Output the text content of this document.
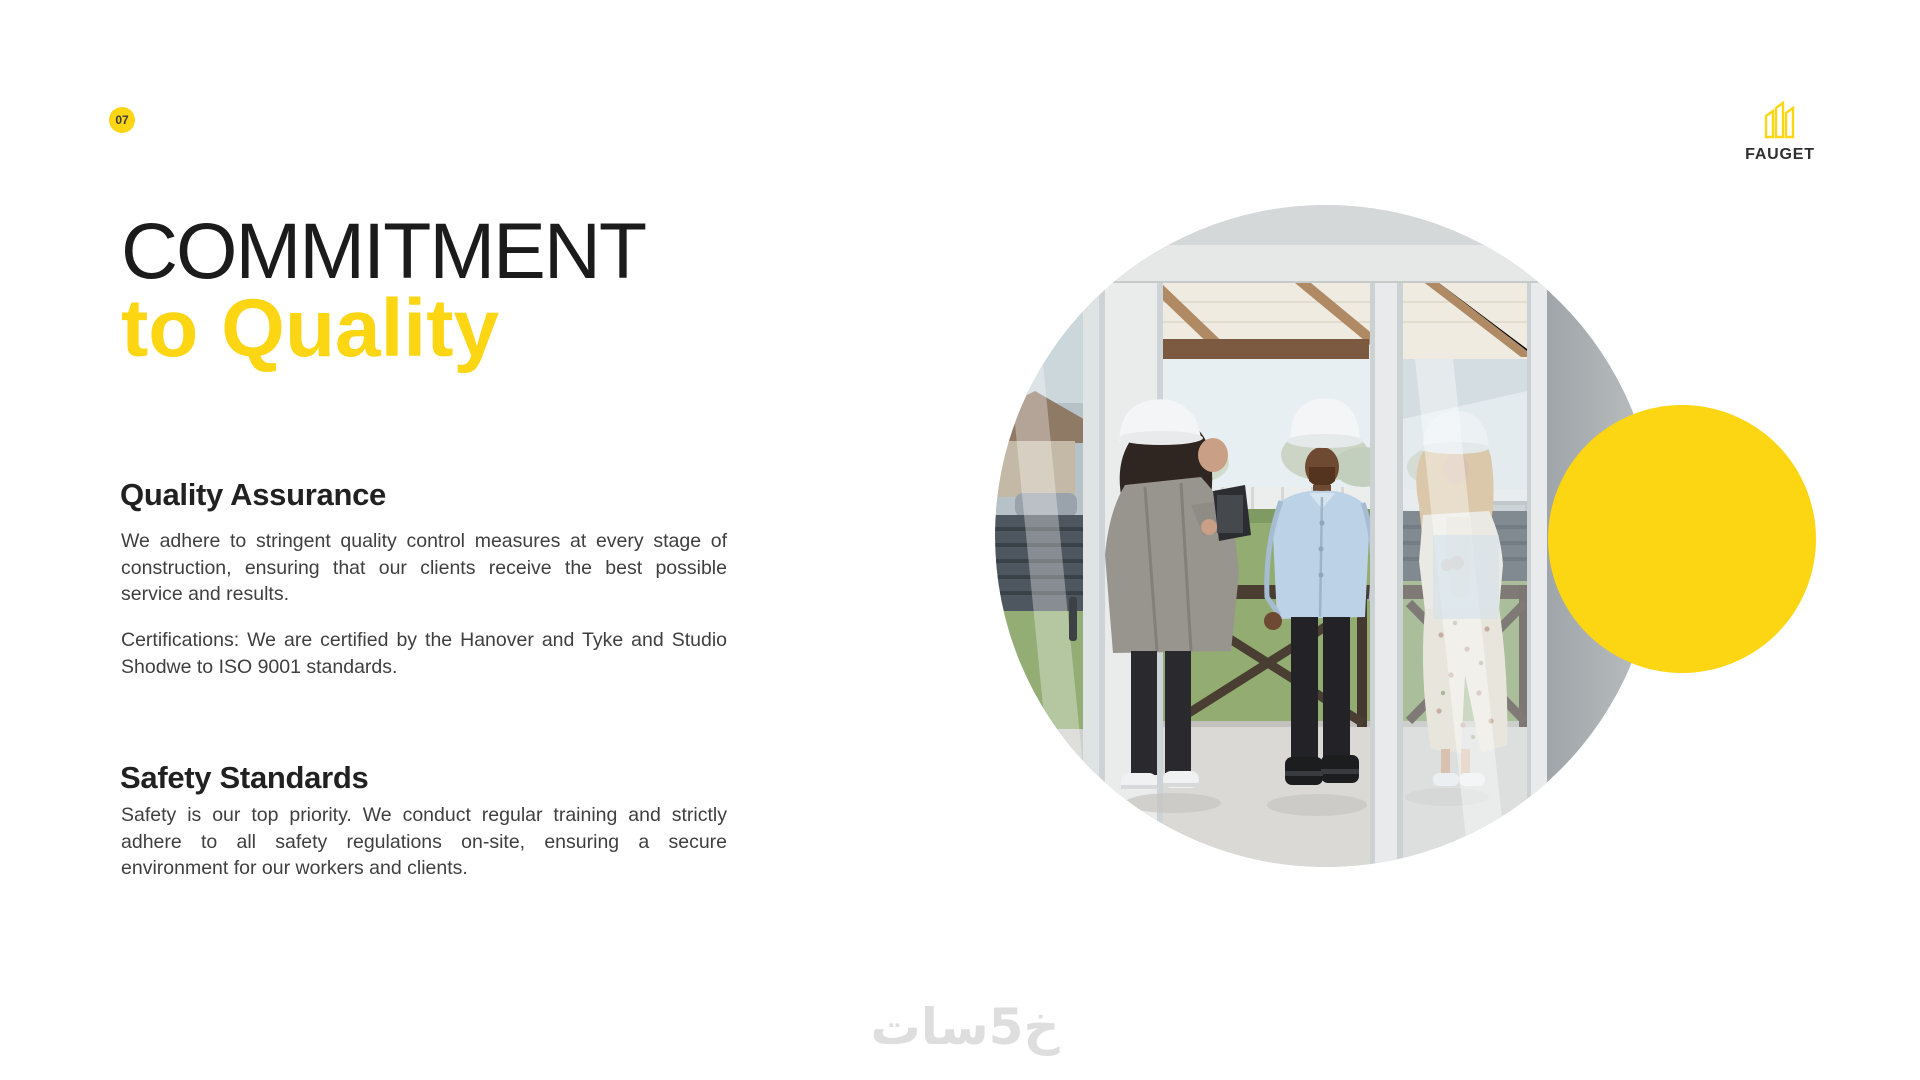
07
FAUGET
COMMITMENT
to Quality
Quality Assurance

We adhere to stringent quality control measures at every stage of construction, ensuring that our clients receive the best possible service and results.

Certifications: We are certified by the Hanover and Tyke and Studio Shodwe to ISO 9001 standards.

Safety Standards

Safety is our top priority. We conduct regular training and strictly adhere to all safety regulations on-site, ensuring a secure environment for our workers and clients.

خ5سات
